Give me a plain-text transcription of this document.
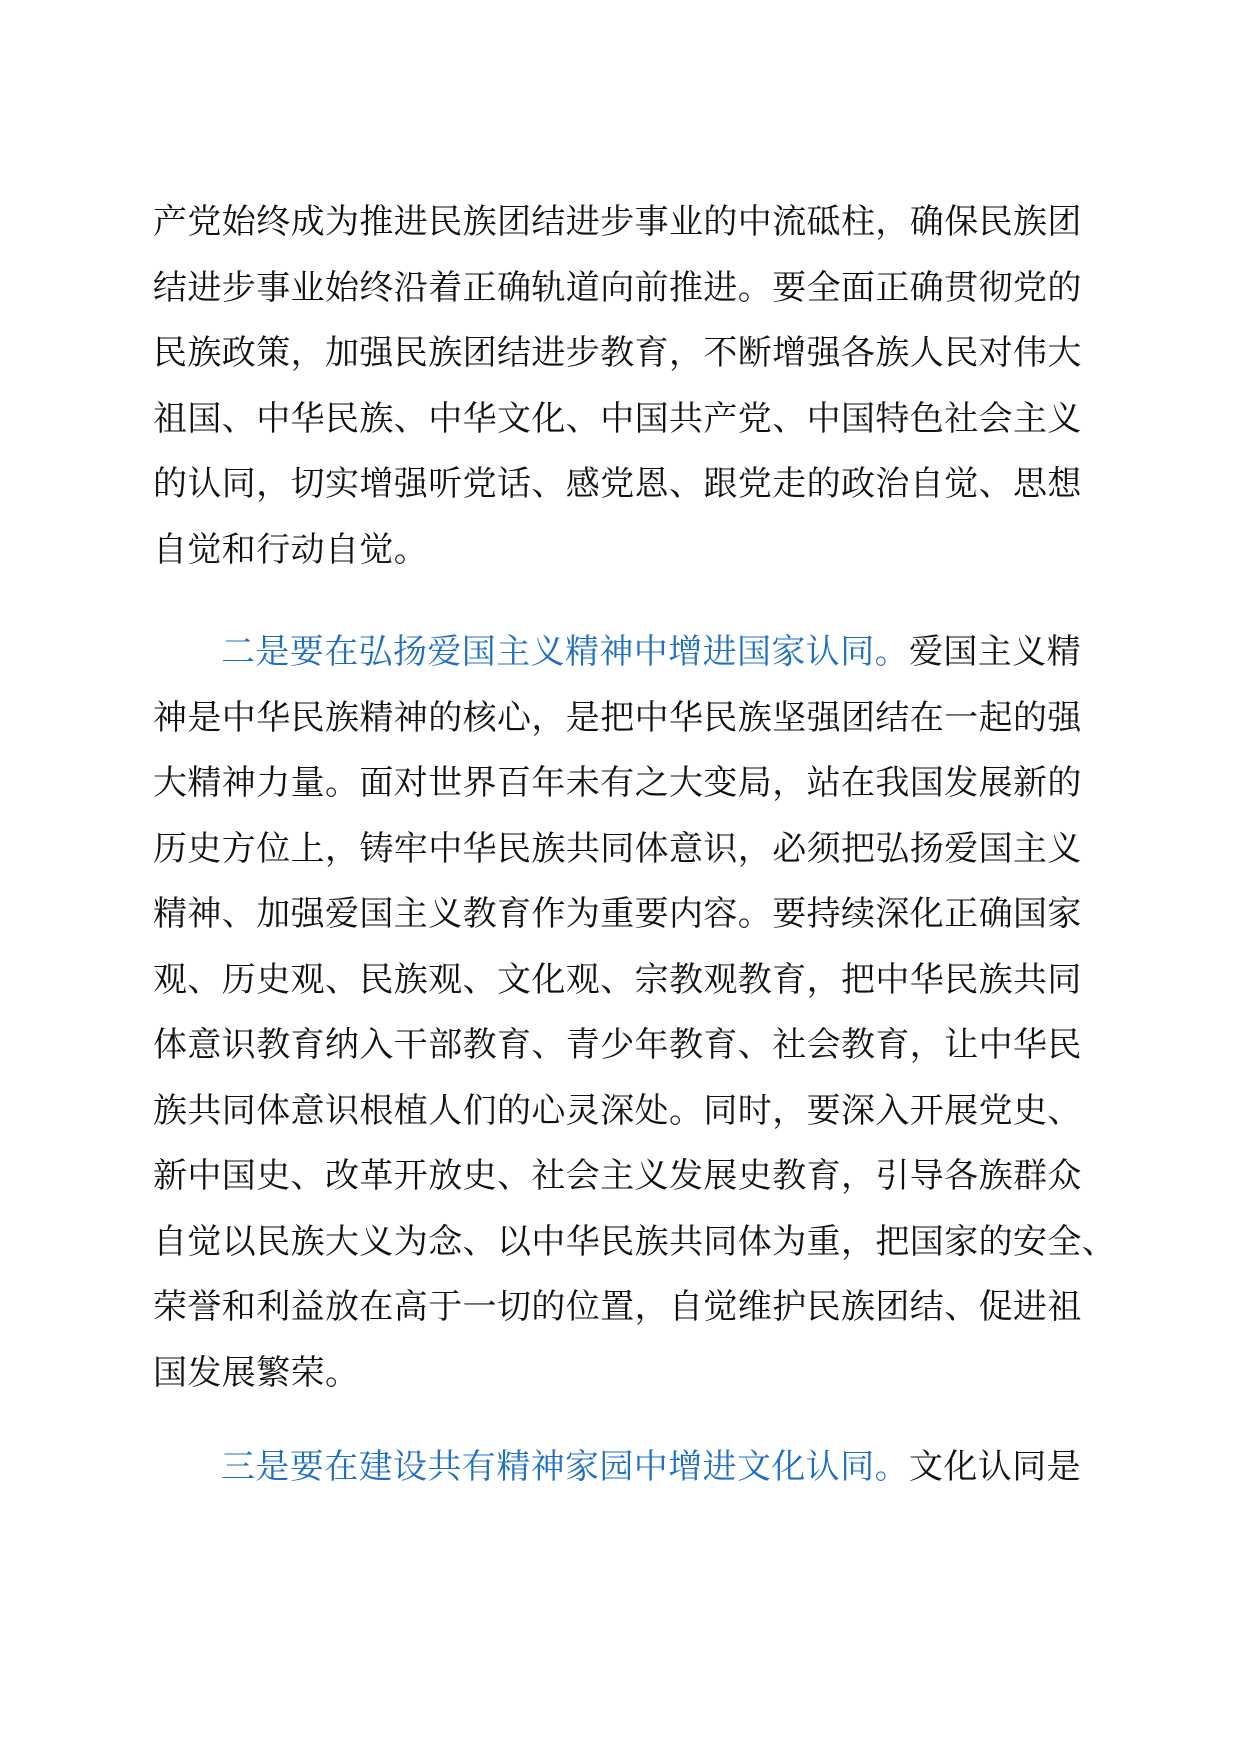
产党始终成为推进民族团结进步事业的中流砥柱，确保民族团
结进步事业始终沿着正确轨道向前推进。要全面正确贯彻党的
民族政策，加强民族团结进步教育，不断增强各族人民对伟大
祖国、中华民族、中华文化、中国共产党、中国特色社会主义
的认同，切实增强听党话、感党恩、跟党走的政治自觉、思想
自觉和行动自觉。
二是要在弘扬爱国主义精神中增进国家认同。爱国主义精
神是中华民族精神的核心，是把中华民族坚强团结在一起的强
大精神力量。面对世界百年未有之大变局，站在我国发展新的
历史方位上，铸牢中华民族共同体意识，必须把弘扬爱国主义
精神、加强爱国主义教育作为重要内容。要持续深化正确国家
观、历史观、民族观、文化观、宗教观教育，把中华民族共同
体意识教育纳入干部教育、青少年教育、社会教育，让中华民
族共同体意识根植人们的心灵深处。同时，要深入开展党史、
新中国史、改革开放史、社会主义发展史教育，引导各族群众
自觉以民族大义为念、以中华民族共同体为重，把国家的安全、
荣誉和利益放在高于一切的位置，自觉维护民族团结、促进祖
国发展繁荣。
三是要在建设共有精神家园中增进文化认同。文化认同是
